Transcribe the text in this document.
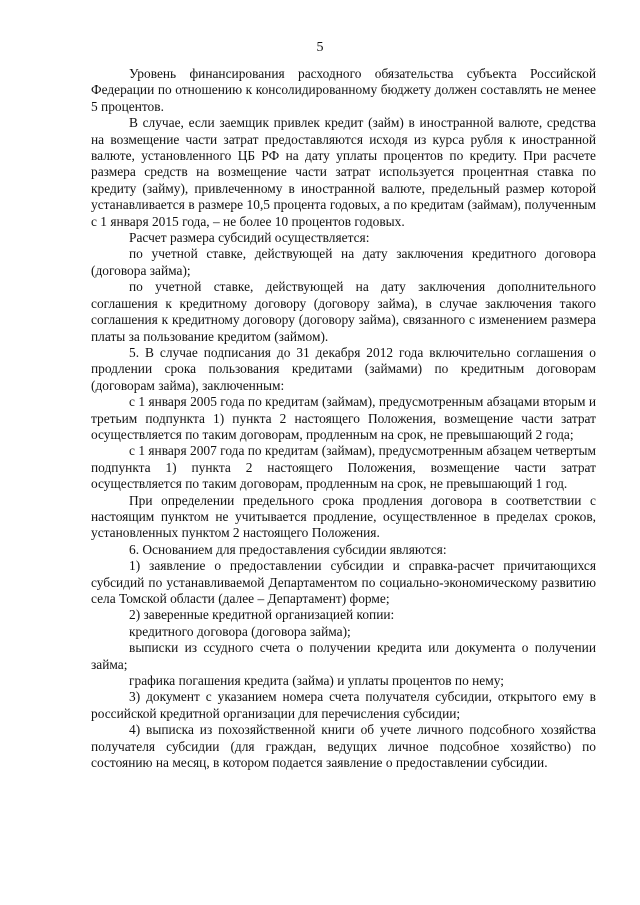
5

Уровень финансирования расходного обязательства субъекта Российской Федерации по отношению к консолидированному бюджету должен составлять не менее 5 процентов.

В случае, если заемщик привлек кредит (займ) в иностранной валюте, средства на возмещение части затрат предоставляются исходя из курса рубля к иностранной валюте, установленного ЦБ РФ на дату уплаты процентов по кредиту. При расчете размера средств на возмещение части затрат используется процентная ставка по кредиту (займу), привлеченному в иностранной валюте, предельный размер которой устанавливается в размере 10,5 процента годовых, а по кредитам (займам), полученным с 1 января 2015 года, – не более 10 процентов годовых.

Расчет размера субсидий осуществляется:

по учетной ставке, действующей на дату заключения кредитного договора (договора займа);

по учетной ставке, действующей на дату заключения дополнительного соглашения к кредитному договору (договору займа), в случае заключения такого соглашения к кредитному договору (договору займа), связанного с изменением размера платы за пользование кредитом (займом).

5. В случае подписания до 31 декабря 2012 года включительно соглашения о продлении срока пользования кредитами (займами) по кредитным договорам (договорам займа), заключенным:

с 1 января 2005 года по кредитам (займам), предусмотренным абзацами вторым и третьим подпункта 1) пункта 2 настоящего Положения, возмещение части затрат осуществляется по таким договорам, продленным на срок, не превышающий 2 года;

с 1 января 2007 года по кредитам (займам), предусмотренным абзацем четвертым подпункта 1) пункта 2 настоящего Положения, возмещение части затрат осуществляется по таким договорам, продленным на срок, не превышающий 1 год.

При определении предельного срока продления договора в соответствии с настоящим пунктом не учитывается продление, осуществленное в пределах сроков, установленных пунктом 2 настоящего Положения.

6. Основанием для предоставления субсидии являются:

1) заявление о предоставлении субсидии и справка-расчет причитающихся субсидий по устанавливаемой Департаментом по социально-экономическому развитию села Томской области (далее – Департамент) форме;

2) заверенные кредитной организацией копии:

кредитного договора (договора займа);

выписки из ссудного счета о получении кредита или документа о получении займа;

графика погашения кредита (займа) и уплаты процентов по нему;

3) документ с указанием номера счета получателя субсидии, открытого ему в российской кредитной организации для перечисления субсидии;

4) выписка из похозяйственной книги об учете личного подсобного хозяйства получателя субсидии (для граждан, ведущих личное подсобное хозяйство) по состоянию на месяц, в котором подается заявление о предоставлении субсидии.
